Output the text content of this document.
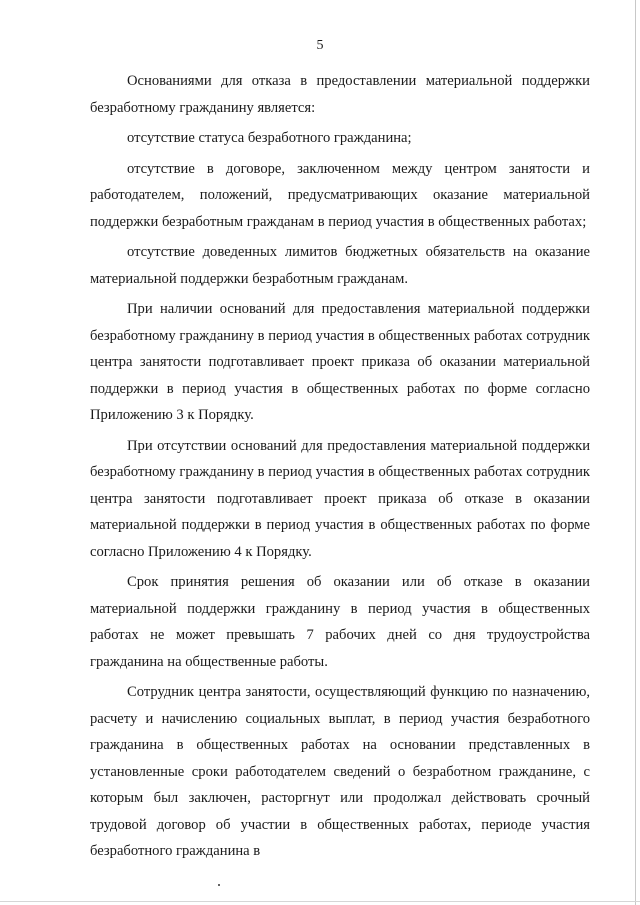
5

Основаниями для отказа в предоставлении материальной поддержки безработному гражданину является:

отсутствие статуса безработного гражданина;

отсутствие в договоре, заключенном между центром занятости и работодателем, положений, предусматривающих оказание материальной поддержки безработным гражданам в период участия в общественных работах;

отсутствие доведенных лимитов бюджетных обязательств на оказание материальной поддержки безработным гражданам.

При наличии оснований для предоставления материальной поддержки безработному гражданину в период участия в общественных работах сотрудник центра занятости подготавливает проект приказа об оказании материальной поддержки в период участия в общественных работах по форме согласно Приложению 3 к Порядку.

При отсутствии оснований для предоставления материальной поддержки безработному гражданину в период участия в общественных работах сотрудник центра занятости подготавливает проект приказа об отказе в оказании материальной поддержки в период участия в общественных работах по форме согласно Приложению 4 к Порядку.

Срок принятия решения об оказании или об отказе в оказании материальной поддержки гражданину в период участия в общественных работах не может превышать 7 рабочих дней со дня трудоустройства гражданина на общественные работы.

Сотрудник центра занятости, осуществляющий функцию по назначению, расчету и начислению социальных выплат, в период участия безработного гражданина в общественных работах на основании представленных в установленные сроки работодателем сведений о безработном гражданине, с которым был заключен, расторгнут или продолжал действовать срочный трудовой договор об участии в общественных работах, периоде участия безработного гражданина в
